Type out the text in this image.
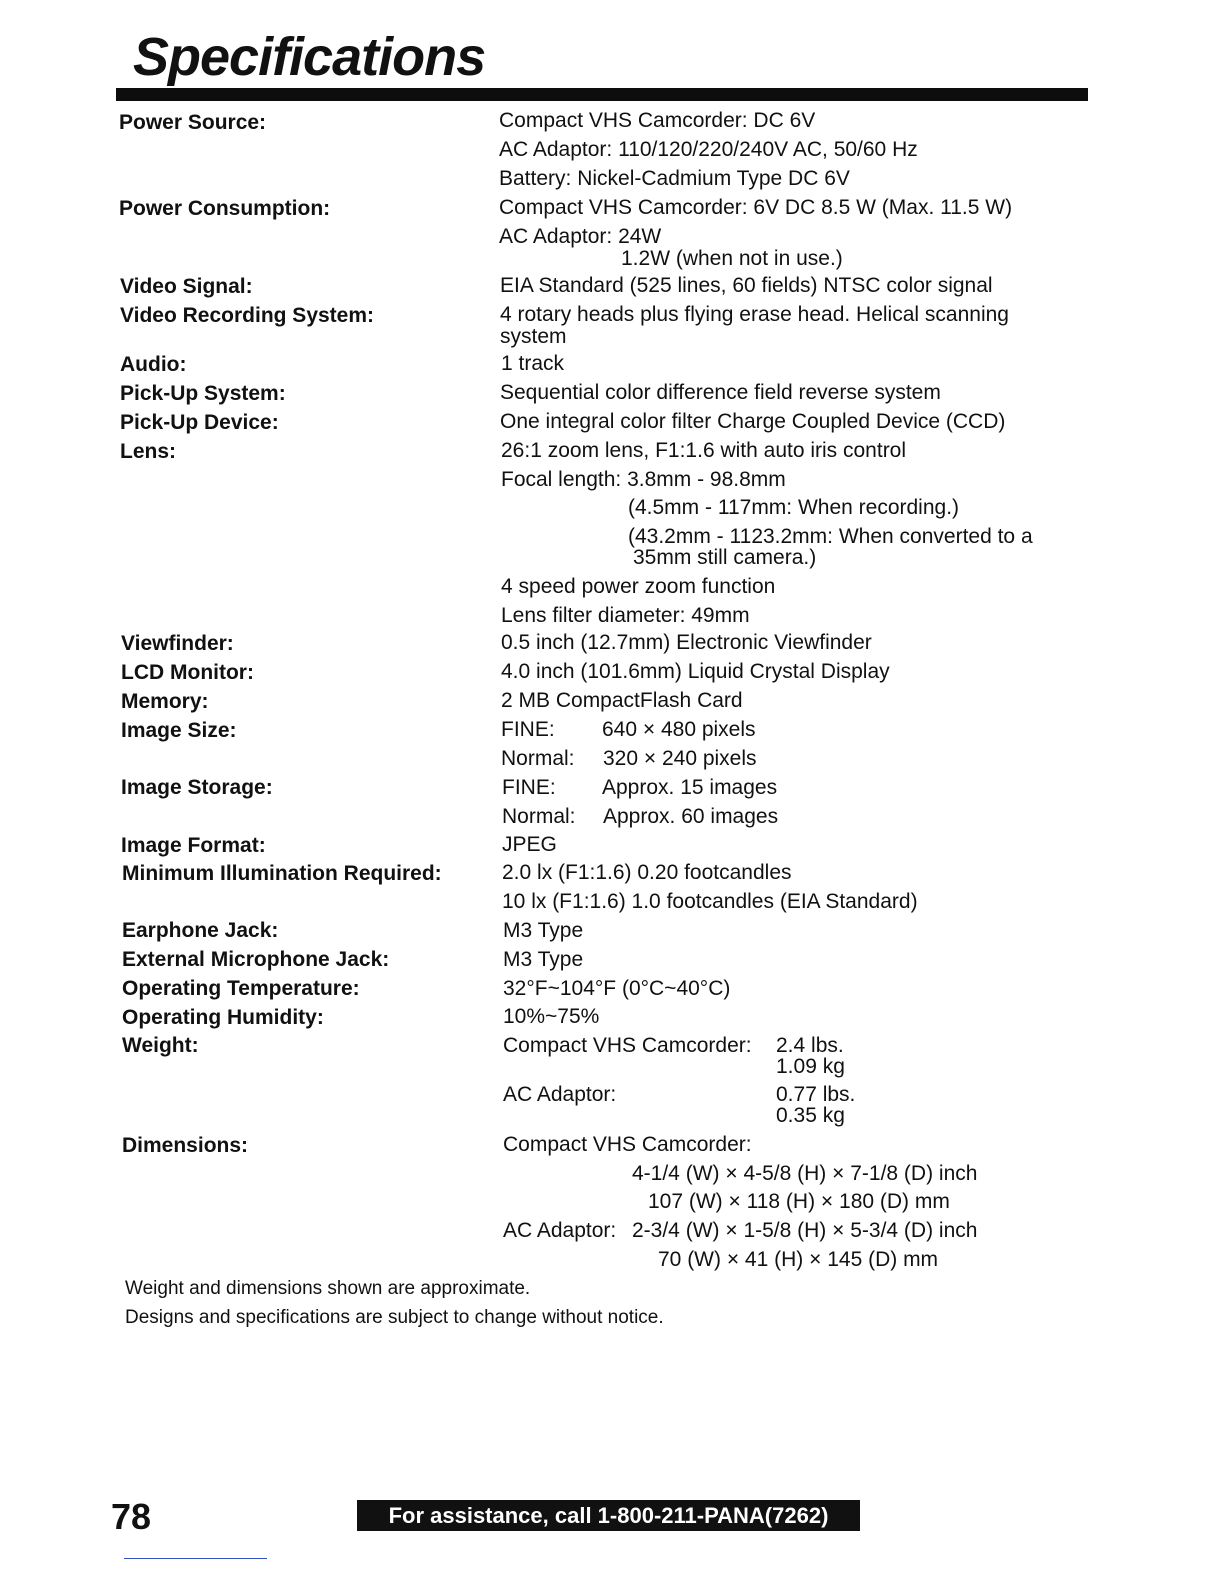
Specifications
Power Source:	Compact VHS Camcorder: DC 6V
AC Adaptor: 110/120/220/240V AC, 50/60 Hz
Battery: Nickel-Cadmium Type DC 6V
Power Consumption:	Compact VHS Camcorder: 6V DC 8.5 W (Max. 11.5 W)
AC Adaptor: 24W
1.2W (when not in use.)
Video Signal:	EIA Standard (525 lines, 60 fields) NTSC color signal
Video Recording System:	4 rotary heads plus flying erase head. Helical scanning
system
Audio:	1 track
Pick-Up System:	Sequential color difference field reverse system
Pick-Up Device:	One integral color filter Charge Coupled Device (CCD)
Lens:	26:1 zoom lens, F1:1.6 with auto iris control
Focal length: 3.8mm - 98.8mm
(4.5mm - 117mm: When recording.)
(43.2mm - 1123.2mm: When converted to a
35mm still camera.)
4 speed power zoom function
Lens filter diameter: 49mm
Viewfinder:	0.5 inch (12.7mm) Electronic Viewfinder
LCD Monitor:	4.0 inch (101.6mm) Liquid Crystal Display
Memory:	2 MB CompactFlash Card
Image Size:	FINE: 640 × 480 pixels
Normal: 320 × 240 pixels
Image Storage:	FINE: Approx. 15 images
Normal: Approx. 60 images
Image Format:	JPEG
Minimum Illumination Required:	2.0 lx (F1:1.6) 0.20 footcandles
10 lx (F1:1.6) 1.0 footcandles (EIA Standard)
Earphone Jack:	M3 Type
External Microphone Jack:	M3 Type
Operating Temperature:	32°F~104°F (0°C~40°C)
Operating Humidity:	10%~75%
Weight:	Compact VHS Camcorder: 2.4 lbs.
1.09 kg
AC Adaptor:	0.77 lbs.
0.35 kg
Dimensions:	Compact VHS Camcorder:
4-1/4 (W) × 4-5/8 (H) × 7-1/8 (D) inch
107 (W) × 118 (H) × 180 (D) mm
AC Adaptor: 2-3/4 (W) × 1-5/8 (H) × 5-3/4 (D) inch
70 (W) × 41 (H) × 145 (D) mm
Weight and dimensions shown are approximate.
Designs and specifications are subject to change without notice.
78	For assistance, call 1-800-211-PANA(7262)
